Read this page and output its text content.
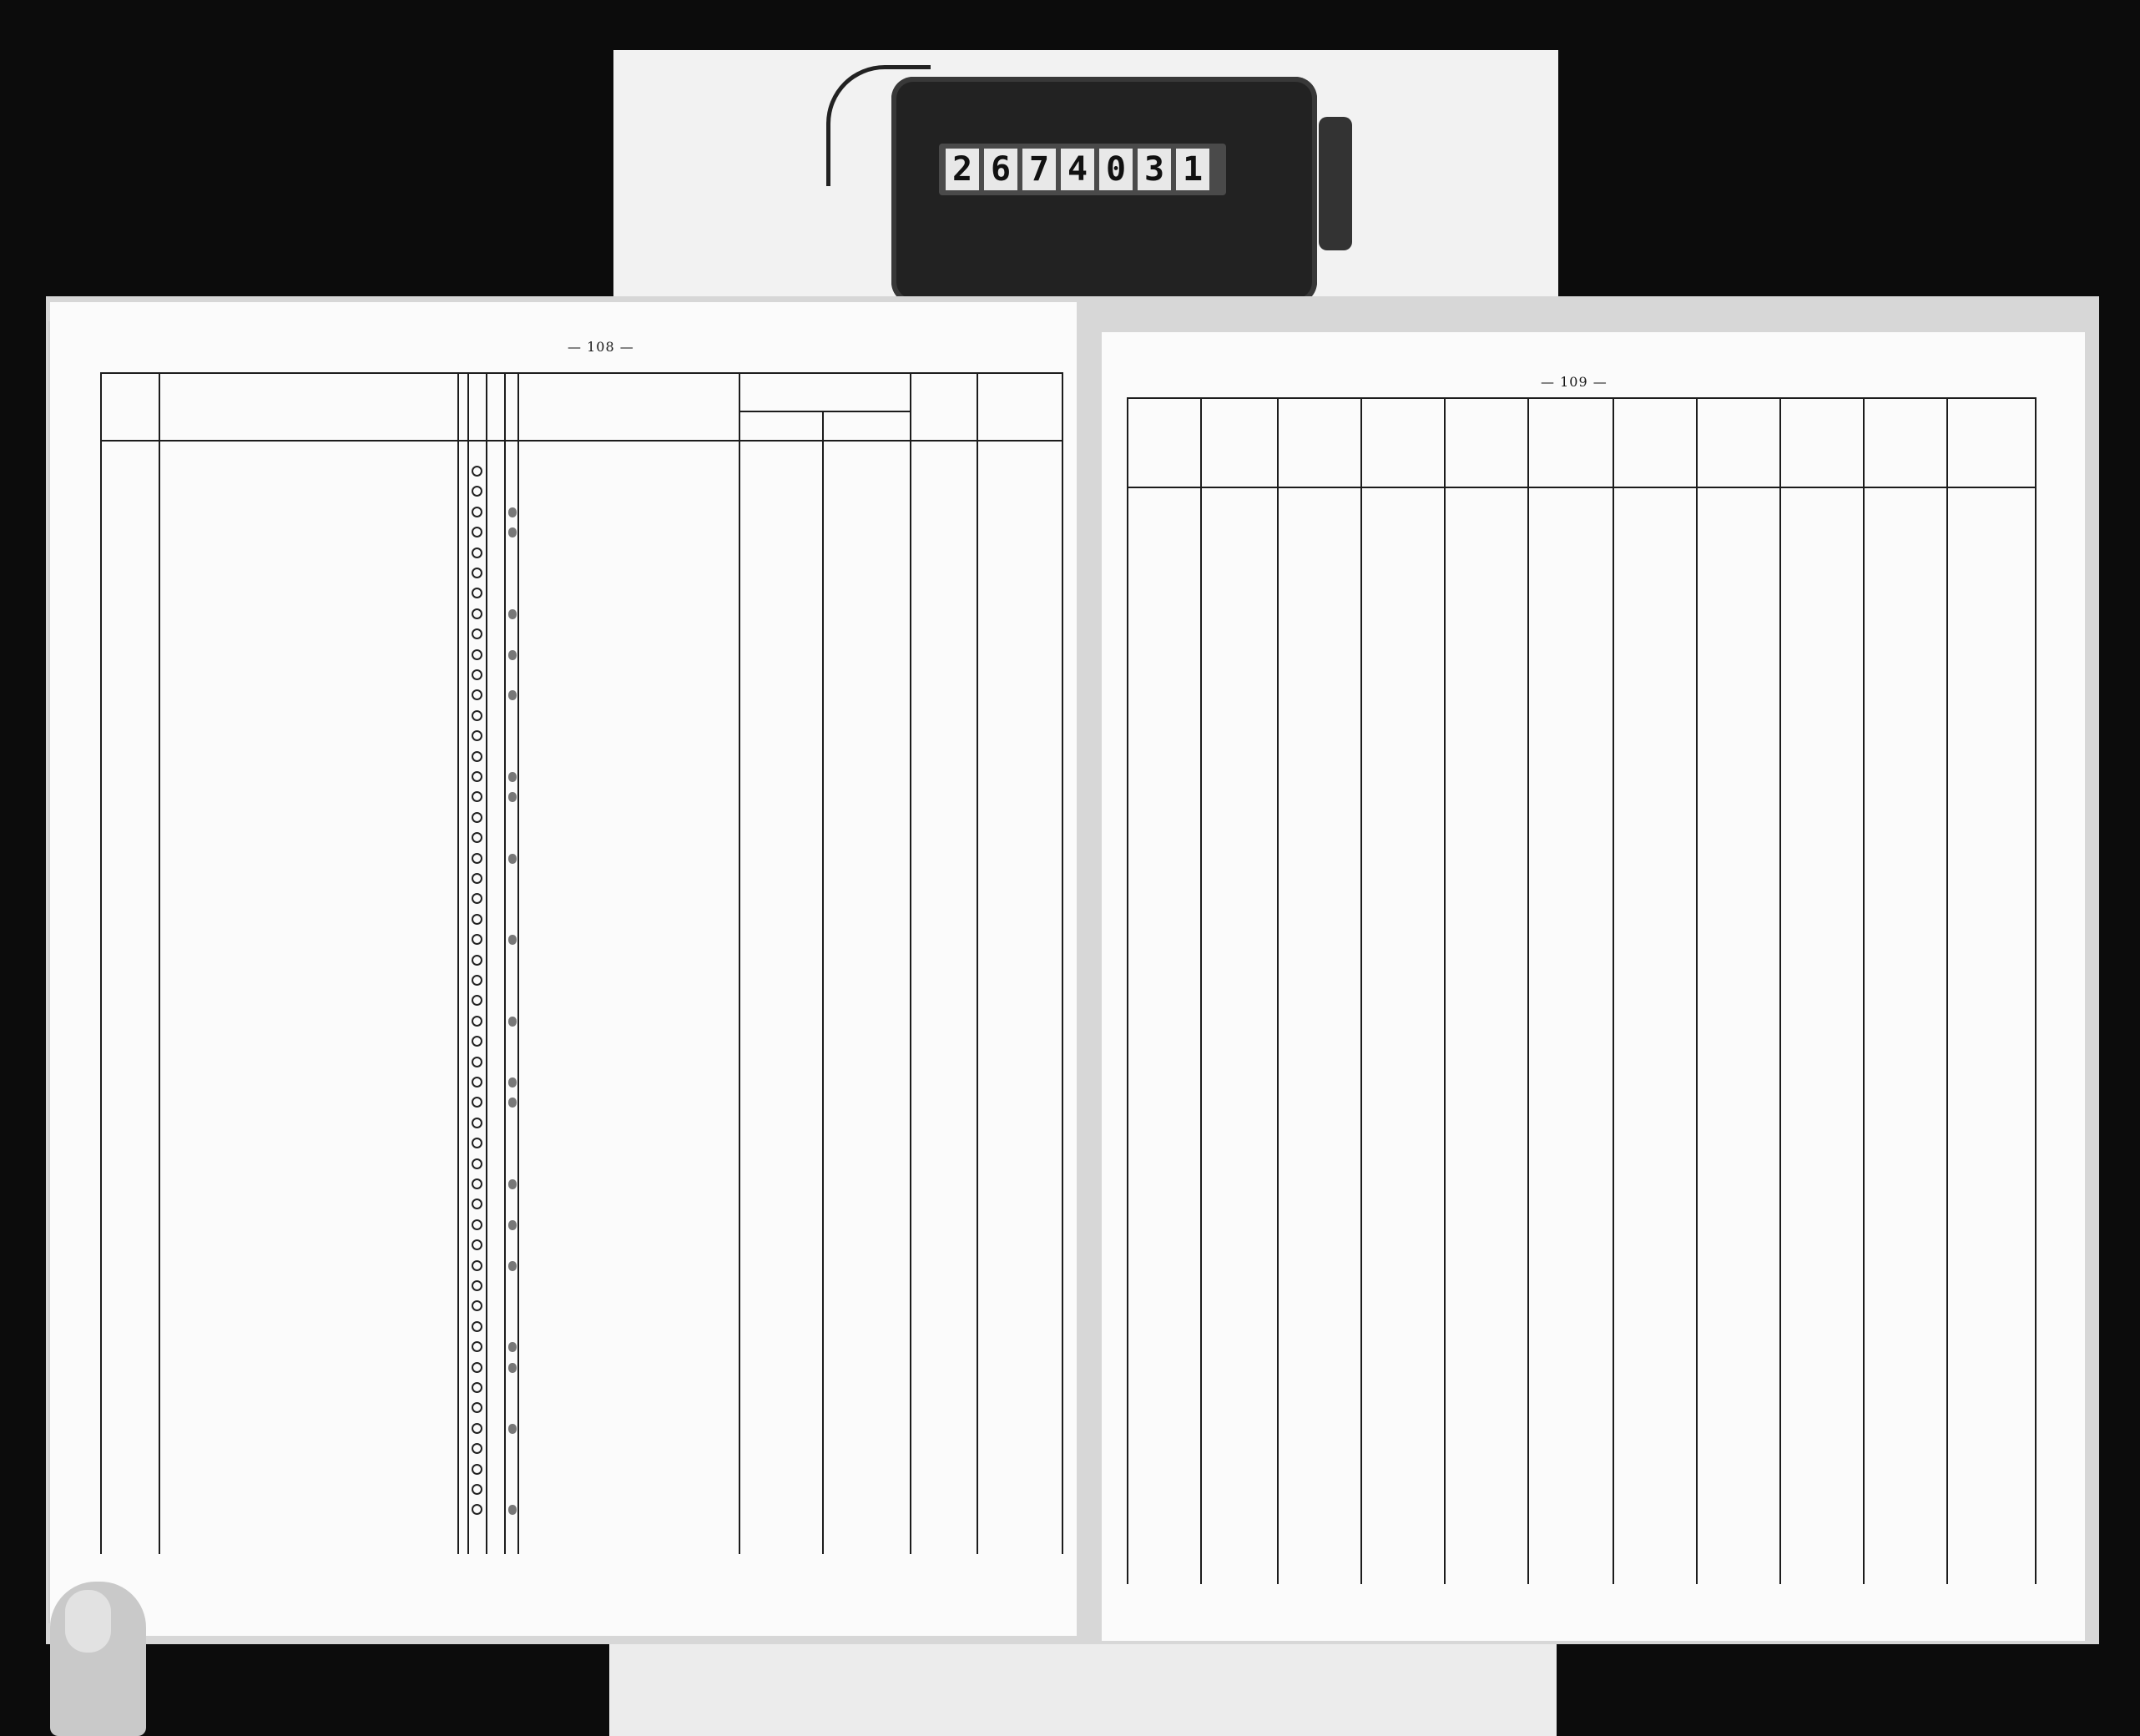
2 6 7 4 0 3 1
— 108 —
— 109 —
